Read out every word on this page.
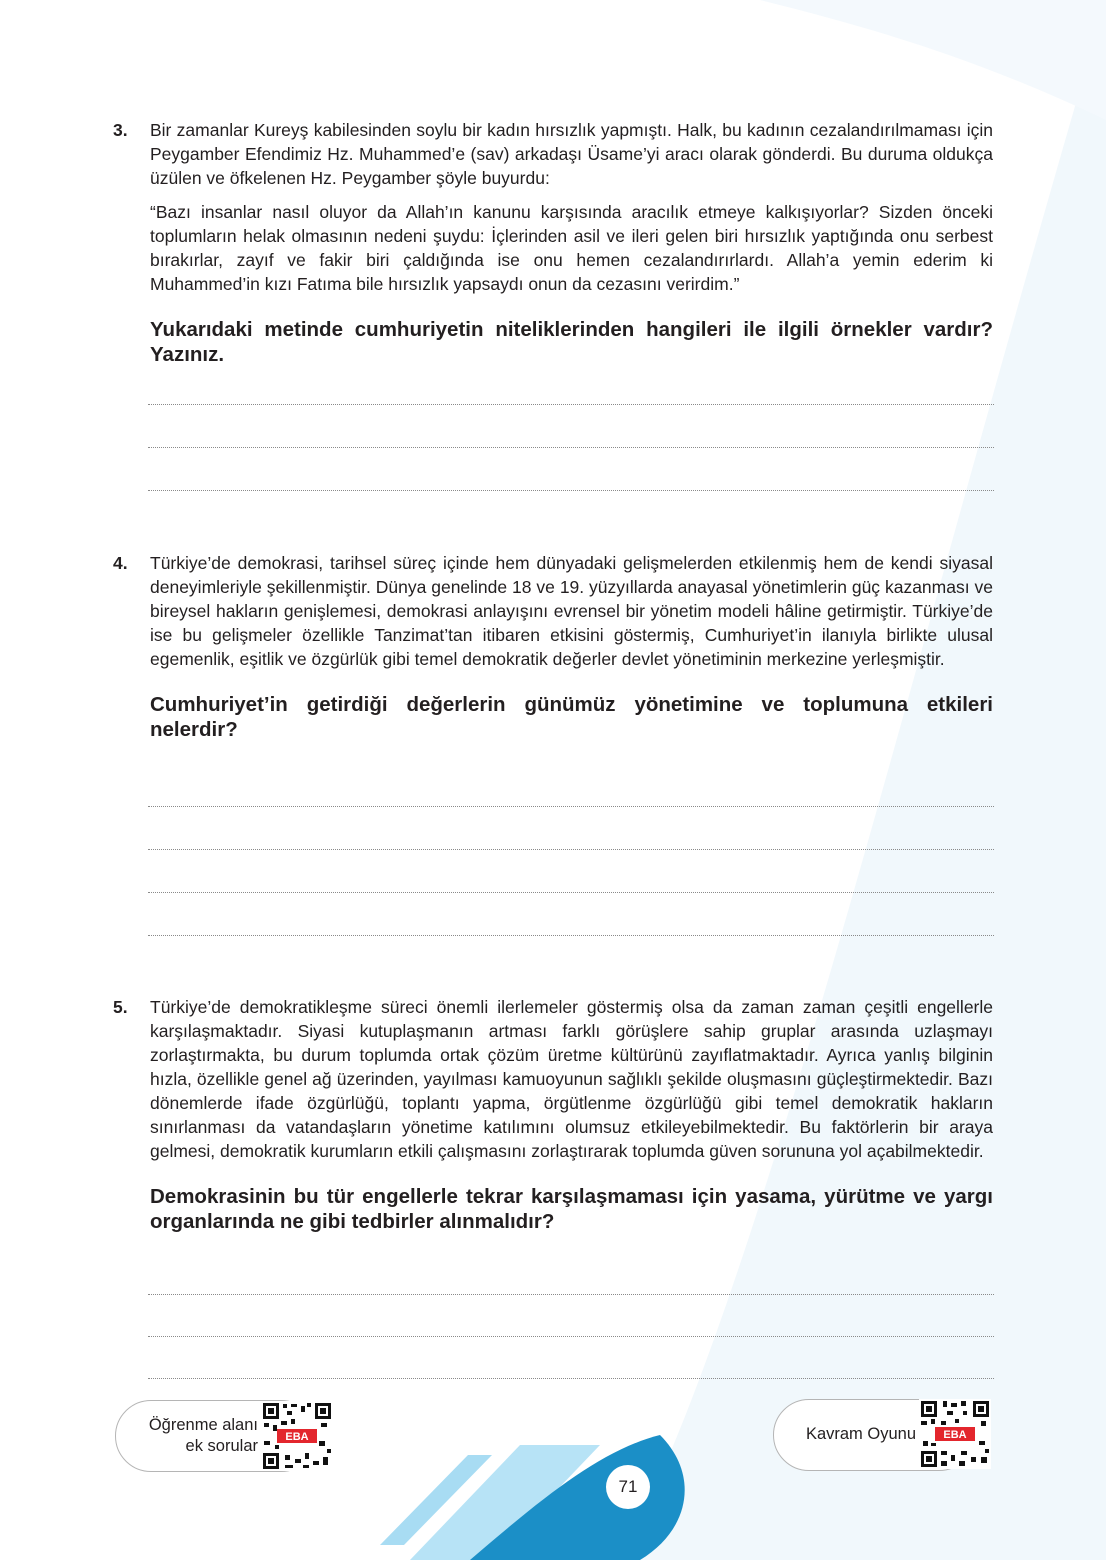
3. Bir zamanlar Kureyş kabilesinden soylu bir kadın hırsızlık yapmıştı. Halk, bu kadının cezalandırılmaması için Peygamber Efendimiz Hz. Muhammed’e (sav) arkadaşı Üsame’yi aracı olarak gönderdi. Bu duruma oldukça üzülen ve öfkelenen Hz. Peygamber şöyle buyurdu:
“Bazı insanlar nasıl oluyor da Allah’ın kanunu karşısında aracılık etmeye kalkışıyorlar? Sizden önceki toplumların helak olmasının nedeni şuydu: İçlerinden asil ve ileri gelen biri hırsızlık yaptığında onu serbest bırakırlar, zayıf ve fakir biri çaldığında ise onu hemen cezalandırırlardı. Allah’a yemin ederim ki Muhammed’in kızı Fatıma bile hırsızlık yapsaydı onun da cezasını verirdim.”
Yukarıdaki metinde cumhuriyetin niteliklerinden hangileri ile ilgili örnekler vardır? Yazınız.
4. Türkiye’de demokrasi, tarihsel süreç içinde hem dünyadaki gelişmelerden etkilenmiş hem de kendi siyasal deneyimleriyle şekillenmiştir. Dünya genelinde 18 ve 19. yüzyıllarda anayasal yönetimlerin güç kazanması ve bireysel hakların genişlemesi, demokrasi anlayışını evrensel bir yönetim modeli hâline getirmiştir. Türkiye’de ise bu gelişmeler özellikle Tanzimat’tan itibaren etkisini göstermiş, Cumhuriyet’in ilanıyla birlikte ulusal egemenlik, eşitlik ve özgürlük gibi temel demokratik değerler devlet yönetiminin merkezine yerleşmiştir.
Cumhuriyet’in getirdiği değerlerin günümüz yönetimine ve toplumuna etkileri nelerdir?
5. Türkiye’de demokratikleşme süreci önemli ilerlemeler göstermiş olsa da zaman zaman çeşitli engellerle karşılaşmaktadır. Siyasi kutuplaşmanın artması farklı görüşlere sahip gruplar arasında uzlaşmayı zorlaştırmakta, bu durum toplumda ortak çözüm üretme kültürünü zayıflatmaktadır. Ayrıca yanlış bilginin hızla, özellikle genel ağ üzerinden, yayılması kamuoyunun sağlıklı şekilde oluşmasını güçleştirmektedir. Bazı dönemlerde ifade özgürlüğü, toplantı yapma, örgütlenme özgürlüğü gibi temel demokratik hakların sınırlanması da vatandaşların yönetime katılımını olumsuz etkileyebilmektedir. Bu faktörlerin bir araya gelmesi, demokratik kurumların etkili çalışmasını zorlaştırarak toplumda güven sorununa yol açabilmektedir.
Demokrasinin bu tür engellerle tekrar karşılaşmaması için yasama, yürütme ve yargı organlarında ne gibi tedbirler alınmalıdır?
Öğrenme alanı
ek sorular EBA	Kavram Oyunu EBA
71
